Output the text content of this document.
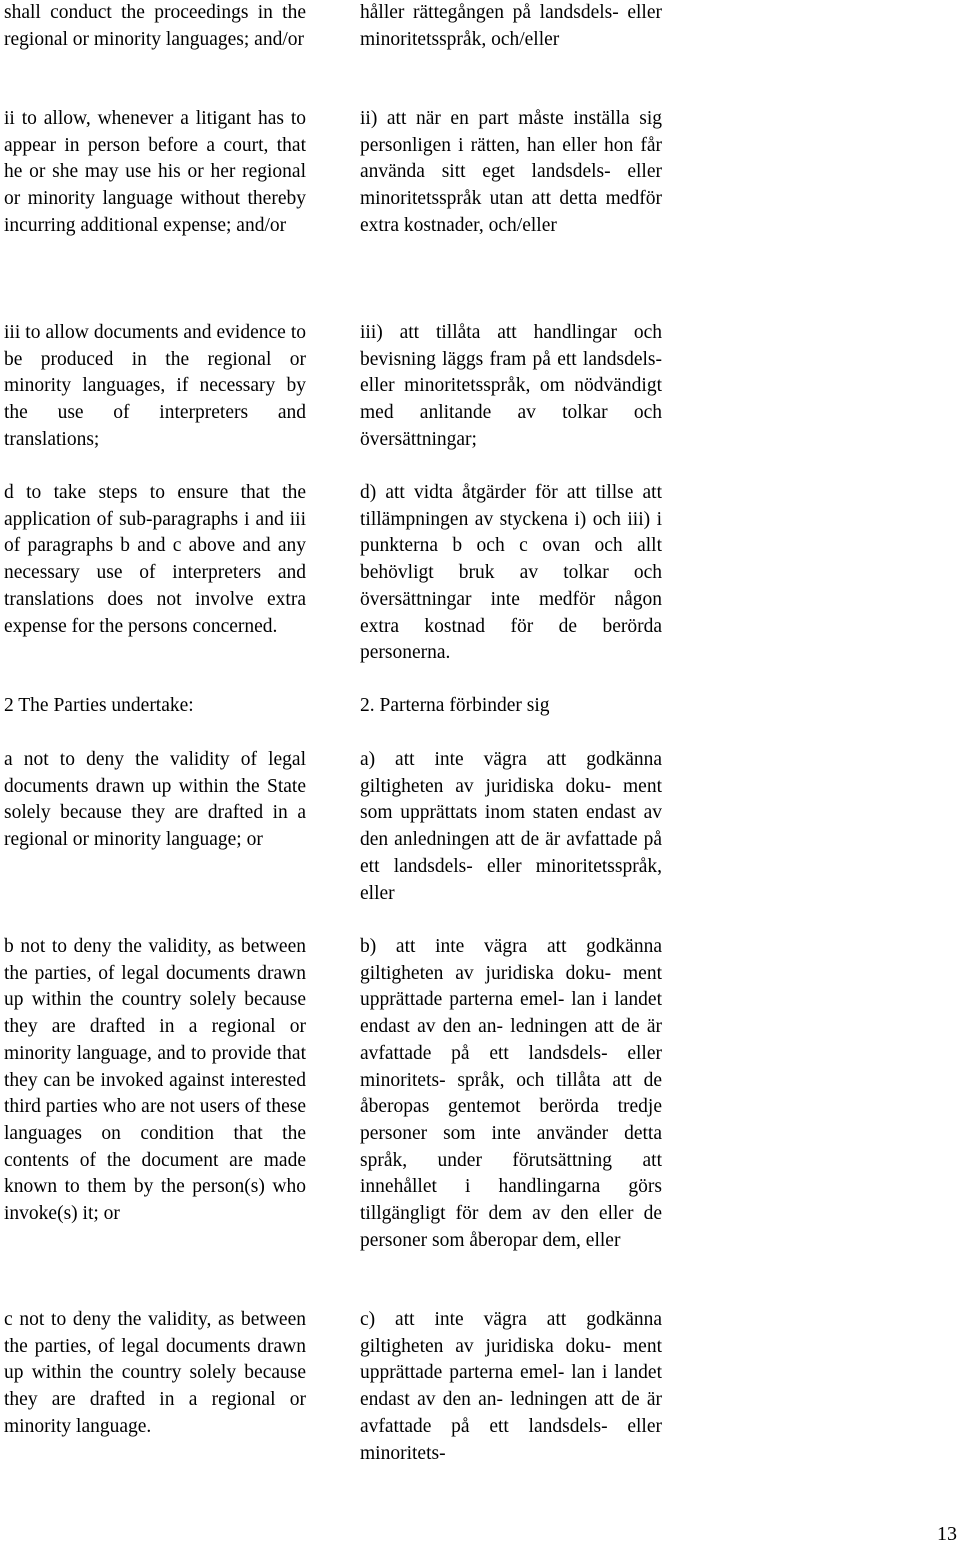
shall conduct the proceedings in the regional or minority languages; and/or

ii to allow, whenever a litigant has to appear in person before a court, that he or she may use his or her regional or minority language without thereby incurring additional expense; and/or

iii to allow documents and evidence to be produced in the regional or minority languages, if necessary by the use of interpreters and translations;

d to take steps to ensure that the application of sub-paragraphs i and iii of paragraphs b and c above and any necessary use of interpreters and translations does not involve extra expense for the persons concerned.

2 The Parties undertake:

a not to deny the validity of legal documents drawn up within the State solely because they are drafted in a regional or minority language; or

b not to deny the validity, as between the parties, of legal documents drawn up within the country solely because they are drafted in a regional or minority language, and to provide that they can be invoked against interested third parties who are not users of these languages on condition that the contents of the document are made known to them by the person(s) who invoke(s) it; or

c not to deny the validity, as between the parties, of legal documents drawn up within the country solely because they are drafted in a regional or minority language.

håller rättegången på landsdels- eller minoritetsspråk, och/eller

ii) att när en part måste inställa sig personligen i rätten, han eller hon får använda sitt eget landsdels- eller minoritetsspråk utan att detta medför extra kostnader, och/eller

iii) att tillåta att handlingar och bevisning läggs fram på ett landsdels- eller minoritetsspråk, om nödvändigt med anlitande av tolkar och översättningar;

d) att vidta åtgärder för att tillse att tillämpningen av styckena i) och iii) i punkterna b och c ovan och allt behövligt bruk av tolkar och översättningar inte medför någon extra kostnad för de berörda personerna.

2. Parterna förbinder sig

a) att inte vägra att godkänna giltigheten av juridiska doku- ment som upprättats inom staten endast av den anledningen att de är avfattade på ett landsdels- eller minoritetsspråk, eller

b) att inte vägra att godkänna giltigheten av juridiska doku- ment upprättade parterna emel- lan i landet endast av den an- ledningen att de är avfattade på ett landsdels- eller minoritets- språk, och tillåta att de åberopas gentemot berörda tredje personer som inte använder detta språk, under förutsättning att innehållet i handlingarna görs tillgängligt för dem av den eller de personer som åberopar dem, eller

c) att inte vägra att godkänna giltigheten av juridiska doku- ment upprättade parterna emel- lan i landet endast av den an- ledningen att de är avfattade på ett landsdels- eller minoritets-

13
